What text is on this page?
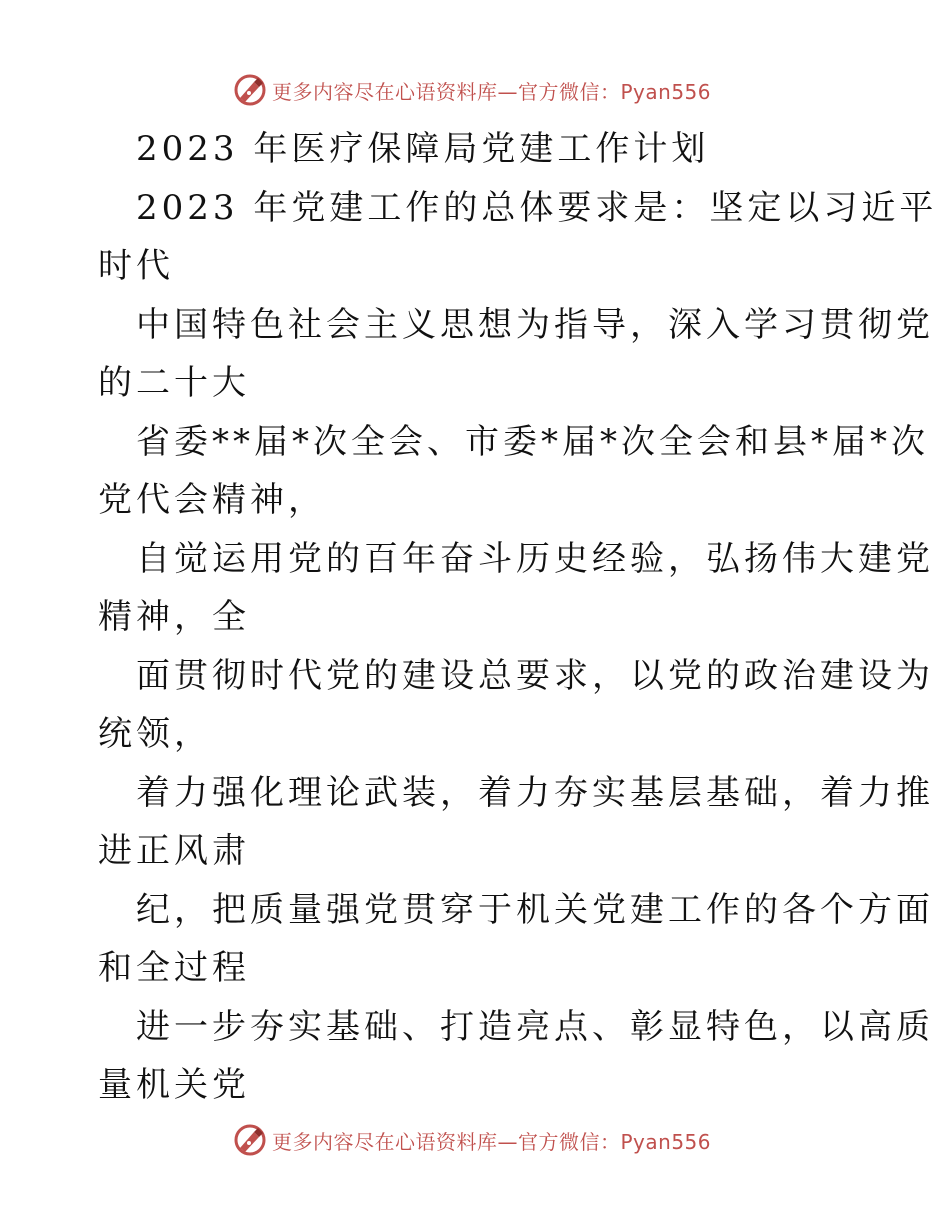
更多内容尽在心语资料库—官方微信：Pyan556
2023 年医疗保障局党建工作计划
2023 年党建工作的总体要求是：坚定以习近平
时代
中国特色社会主义思想为指导，深入学习贯彻党
的二十大
省委**届*次全会、市委*届*次全会和县*届*次
党代会精神，
自觉运用党的百年奋斗历史经验，弘扬伟大建党
精神，全
面贯彻时代党的建设总要求，以党的政治建设为
统领，
着力强化理论武装，着力夯实基层基础，着力推
进正风肃
纪，把质量强党贯穿于机关党建工作的各个方面
和全过程
进一步夯实基础、打造亮点、彰显特色，以高质
量机关党
更多内容尽在心语资料库—官方微信：Pyan556
